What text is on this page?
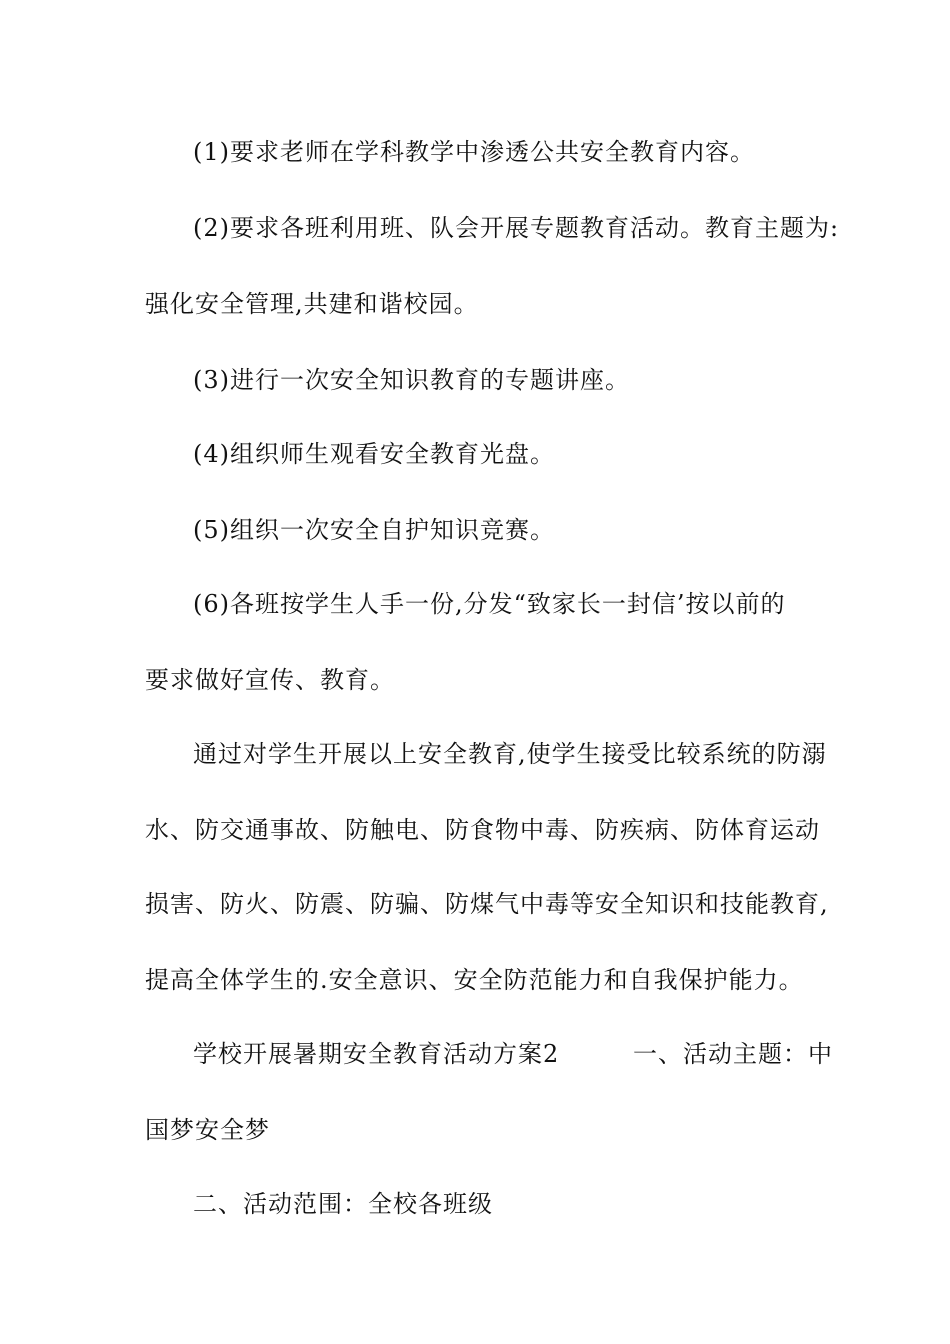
(1)要求老师在学科教学中渗透公共安全教育内容。
(2)要求各班利用班、队会开展专题教育活动。教育主题为:
强化安全管理,共建和谐校园。
(3)进行一次安全知识教育的专题讲座。
(4)组织师生观看安全教育光盘。
(5)组织一次安全自护知识竞赛。
(6)各班按学生人手一份,分发“致家长一封信’按以前的
要求做好宣传、教育。
通过对学生开展以上安全教育,使学生接受比较系统的防溺
水、防交通事故、防触电、防食物中毒、防疾病、防体育运动
损害、防火、防震、防骗、防煤气中毒等安全知识和技能教育,
提高全体学生的.安全意识、安全防范能力和自我保护能力。
学校开展暑期安全教育活动方案2	一、活动主题：中
国梦安全梦
二、活动范围：全校各班级
